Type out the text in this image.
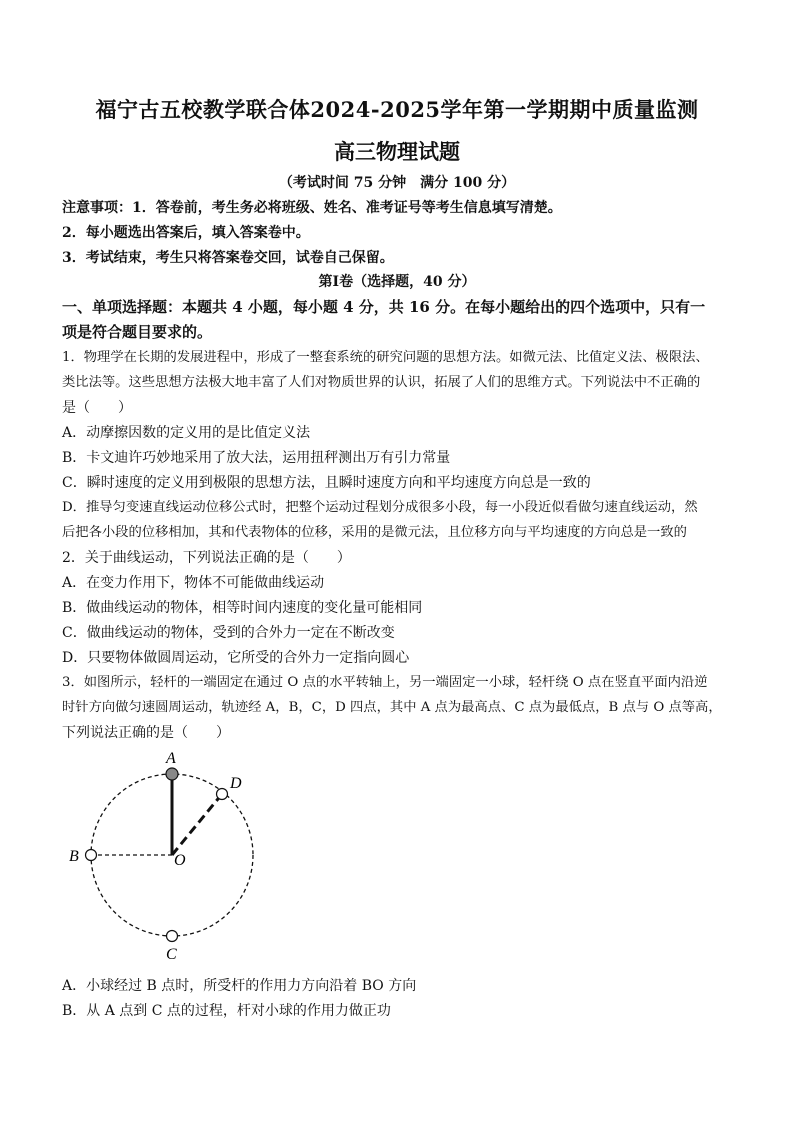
福宁古五校教学联合体2024-2025学年第一学期期中质量监测
高三物理试题
（考试时间 75 分钟　满分 100 分）
注意事项：1．答卷前，考生务必将班级、姓名、准考证号等考生信息填写清楚。
2．每小题选出答案后，填入答案卷中。
3．考试结束，考生只将答案卷交回，试卷自己保留。
第Ⅰ卷（选择题，40 分）
一、单项选择题：本题共 4 小题，每小题 4 分，共 16 分。在每小题给出的四个选项中，只有一
项是符合题目要求的。
1．物理学在长期的发展进程中，形成了一整套系统的研究问题的思想方法。如微元法、比值定义法、极限法、
类比法等。这些思想方法极大地丰富了人们对物质世界的认识，拓展了人们的思维方式。下列说法中不正确的
是（　　）
A．动摩擦因数的定义用的是比值定义法
B．卡文迪许巧妙地采用了放大法，运用扭秤测出万有引力常量
C．瞬时速度的定义用到极限的思想方法，且瞬时速度方向和平均速度方向总是一致的
D．推导匀变速直线运动位移公式时，把整个运动过程划分成很多小段，每一小段近似看做匀速直线运动，然
后把各小段的位移相加，其和代表物体的位移，采用的是微元法，且位移方向与平均速度的方向总是一致的
2．关于曲线运动，下列说法正确的是（　　）
A．在变力作用下，物体不可能做曲线运动
B．做曲线运动的物体，相等时间内速度的变化量可能相同
C．做曲线运动的物体，受到的合外力一定在不断改变
D．只要物体做圆周运动，它所受的合外力一定指向圆心
3．如图所示，轻杆的一端固定在通过 O 点的水平转轴上，另一端固定一小球，轻杆绕 O 点在竖直平面内沿逆
时针方向做匀速圆周运动，轨迹经 A，B，C，D 四点，其中 A 点为最高点、C 点为最低点，B 点与 O 点等高，
下列说法正确的是（　　）
A
B
C
D
O
A．小球经过 B 点时，所受杆的作用力方向沿着 BO 方向
B．从 A 点到 C 点的过程，杆对小球的作用力做正功
